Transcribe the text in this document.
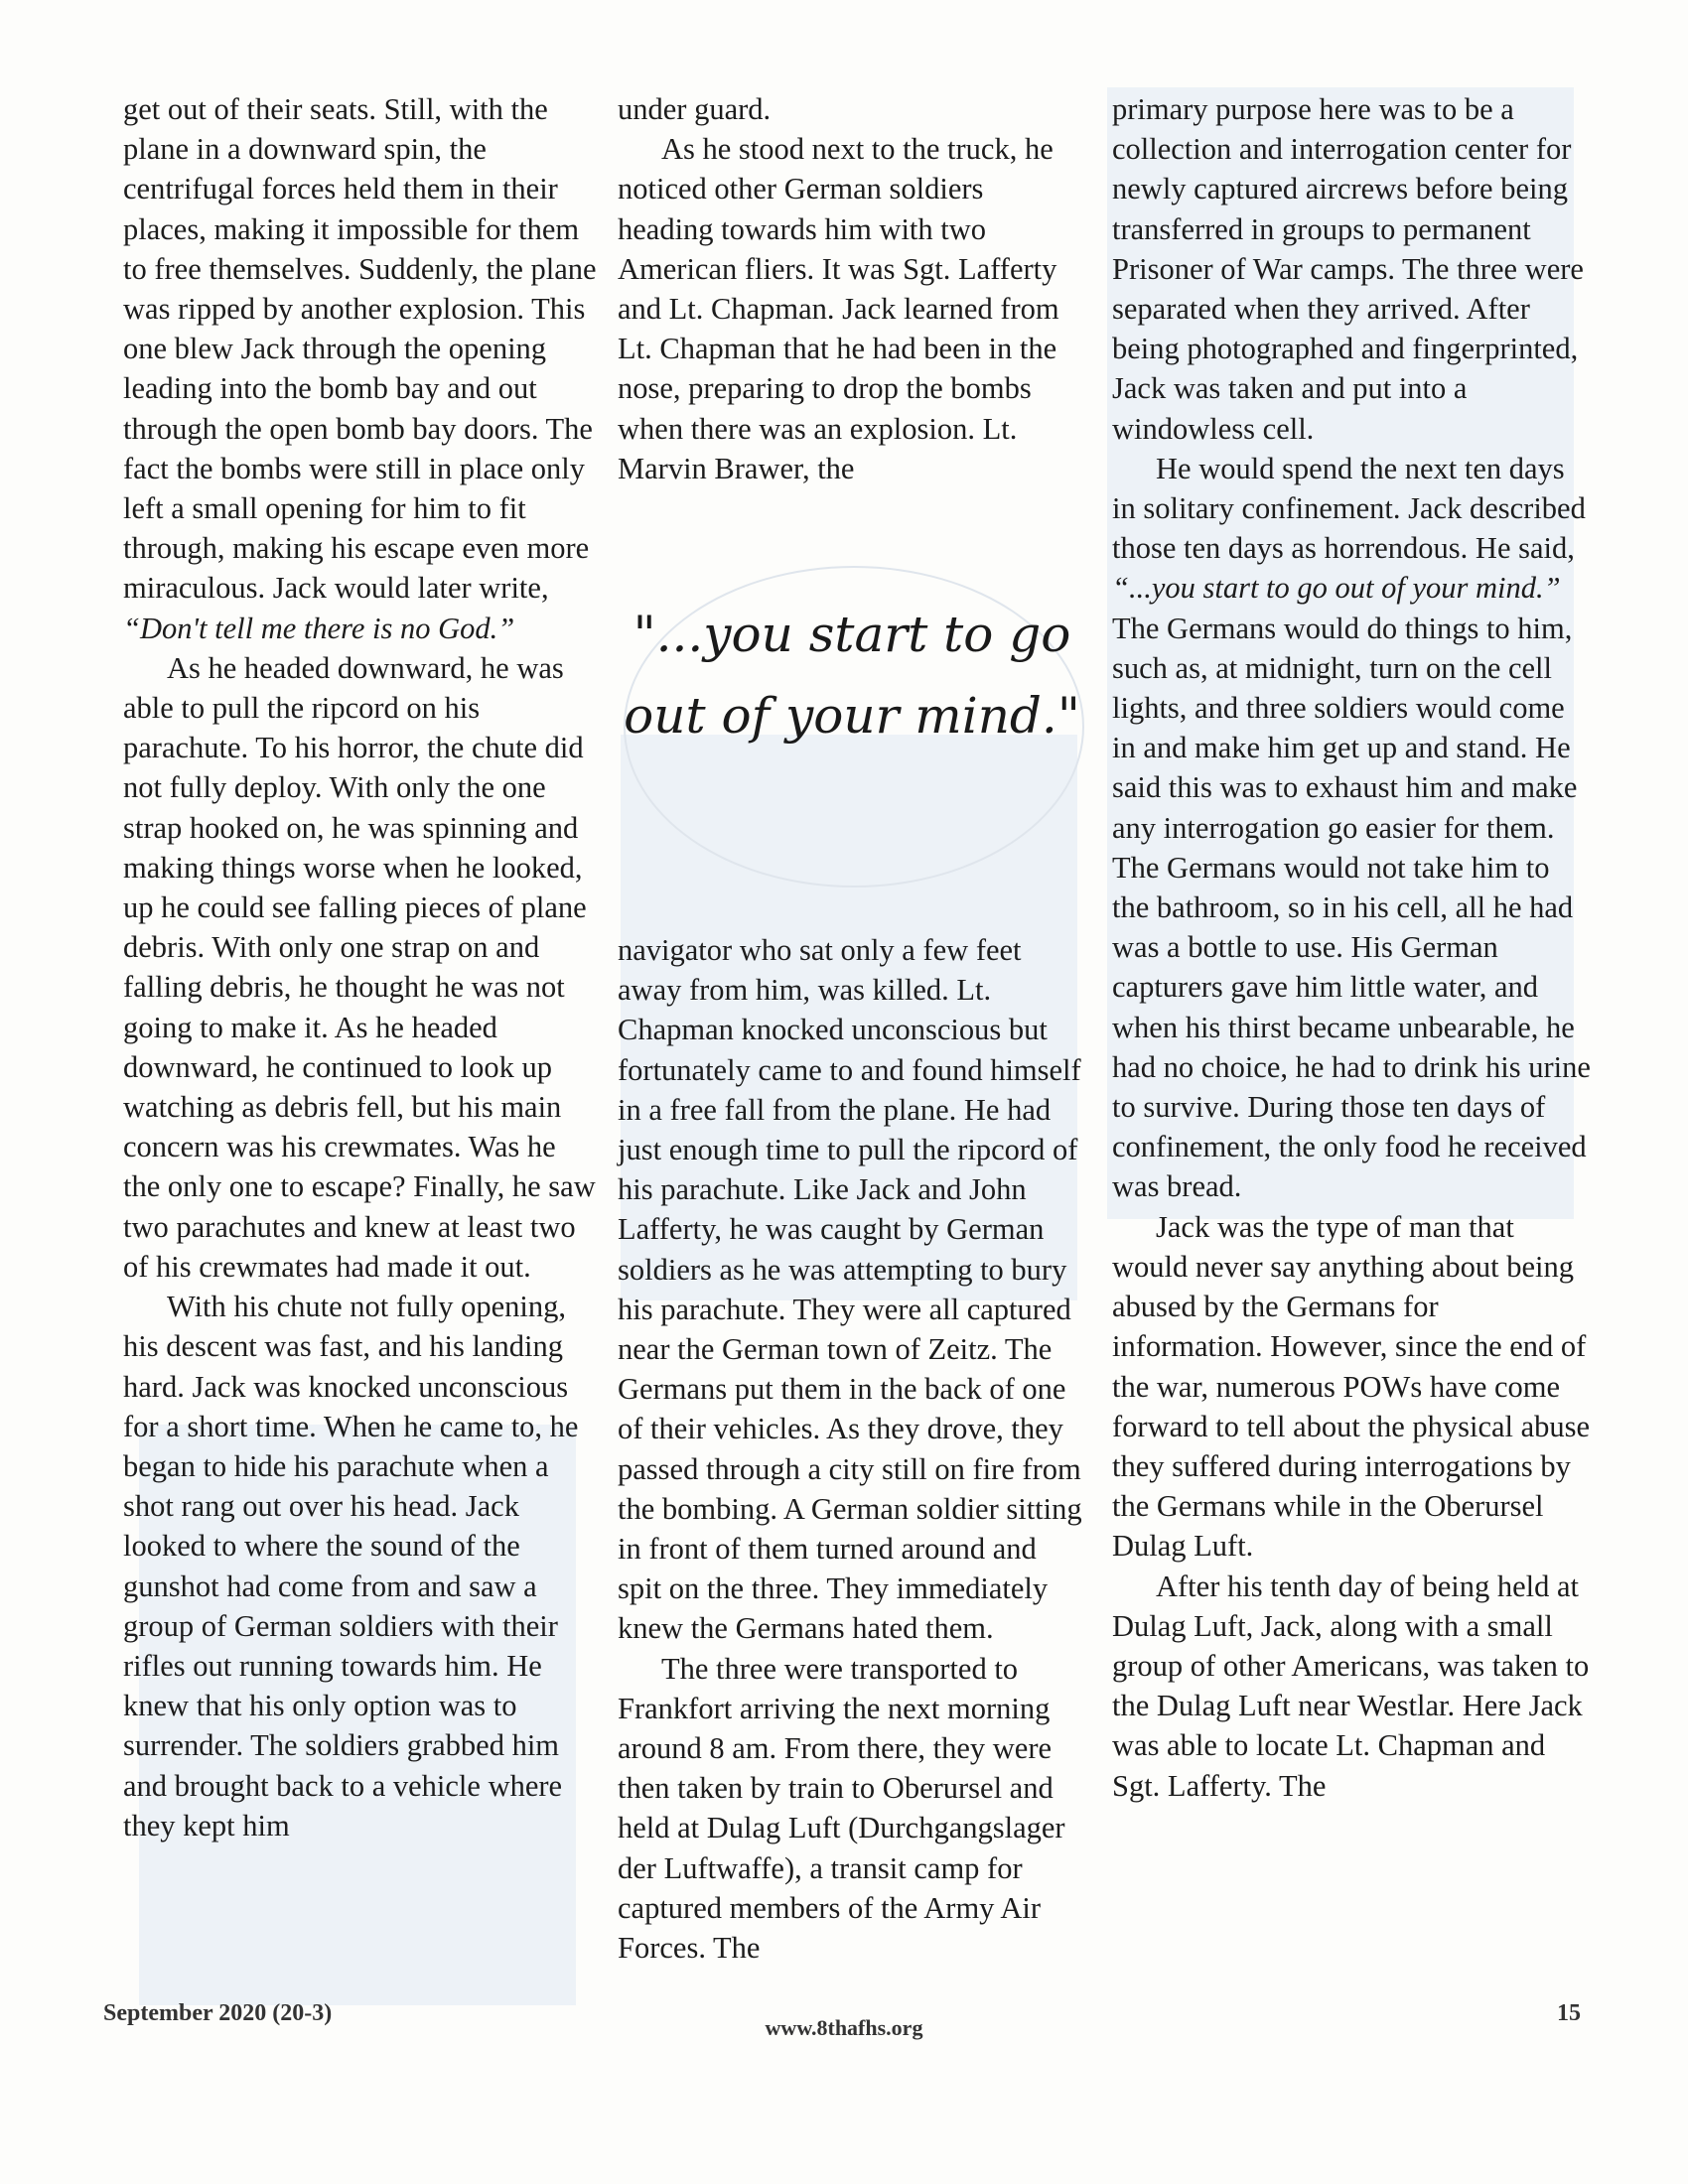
get out of their seats. Still, with the plane in a downward spin, the centrifugal forces held them in their places, making it impossible for them to free themselves. Suddenly, the plane was ripped by another explosion. This one blew Jack through the opening leading into the bomb bay and out through the open bomb bay doors. The fact the bombs were still in place only left a small opening for him to fit through, making his escape even more miraculous. Jack would later write, “Don't tell me there is no God.”

As he headed downward, he was able to pull the ripcord on his parachute. To his horror, the chute did not fully deploy. With only the one strap hooked on, he was spinning and making things worse when he looked, up he could see falling pieces of plane debris. With only one strap on and falling debris, he thought he was not going to make it. As he headed downward, he continued to look up watching as debris fell, but his main concern was his crewmates. Was he the only one to escape? Finally, he saw two parachutes and knew at least two of his crewmates had made it out.

With his chute not fully opening, his descent was fast, and his landing hard. Jack was knocked unconscious for a short time. When he came to, he began to hide his parachute when a shot rang out over his head. Jack looked to where the sound of the gunshot had come from and saw a group of German soldiers with their rifles out running towards him. He knew that his only option was to surrender. The soldiers grabbed him and brought back to a vehicle where they kept him

under guard.

As he stood next to the truck, he noticed other German soldiers heading towards him with two American fliers. It was Sgt. Lafferty and Lt. Chapman. Jack learned from Lt. Chapman that he had been in the nose, preparing to drop the bombs when there was an explosion. Lt. Marvin Brawer, the

"...you start to go out of your mind."

navigator who sat only a few feet away from him, was killed. Lt. Chapman knocked unconscious but fortunately came to and found himself in a free fall from the plane. He had just enough time to pull the ripcord of his parachute. Like Jack and John Lafferty, he was caught by German soldiers as he was attempting to bury his parachute. They were all captured near the German town of Zeitz. The Germans put them in the back of one of their vehicles. As they drove, they passed through a city still on fire from the bombing. A German soldier sitting in front of them turned around and spit on the three. They immediately knew the Germans hated them.

The three were transported to Frankfort arriving the next morning around 8 am. From there, they were then taken by train to Oberursel and held at Dulag Luft (Durchgangslager der Luftwaffe), a transit camp for captured members of the Army Air Forces. The

primary purpose here was to be a collection and interrogation center for newly captured aircrews before being transferred in groups to permanent Prisoner of War camps. The three were separated when they arrived. After being photographed and fingerprinted, Jack was taken and put into a windowless cell.

He would spend the next ten days in solitary confinement. Jack described those ten days as horrendous. He said, “...you start to go out of your mind.” The Germans would do things to him, such as, at midnight, turn on the cell lights, and three soldiers would come in and make him get up and stand. He said this was to exhaust him and make any interrogation go easier for them. The Germans would not take him to the bathroom, so in his cell, all he had was a bottle to use. His German capturers gave him little water, and when his thirst became unbearable, he had no choice, he had to drink his urine to survive. During those ten days of confinement, the only food he received was bread.

Jack was the type of man that would never say anything about being abused by the Germans for information. However, since the end of the war, numerous POWs have come forward to tell about the physical abuse they suffered during interrogations by the Germans while in the Oberursel Dulag Luft.

After his tenth day of being held at Dulag Luft, Jack, along with a small group of other Americans, was taken to the Dulag Luft near Westlar. Here Jack was able to locate Lt. Chapman and Sgt. Lafferty. The

September 2020 (20-3)
www.8thafhs.org
15
